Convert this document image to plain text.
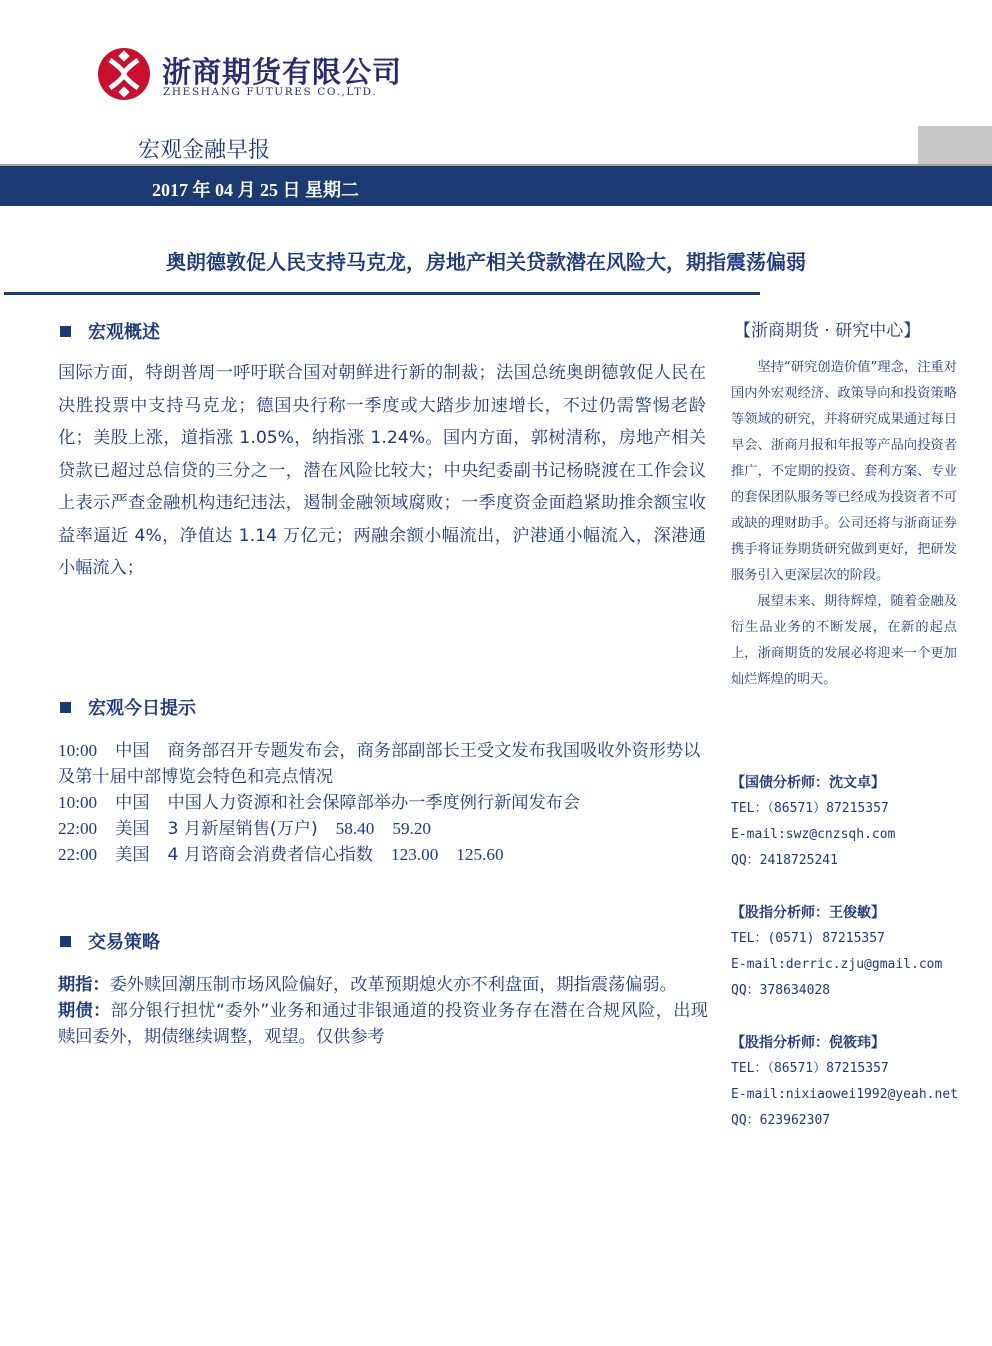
浙商期货有限公司
ZHESHANG FUTURES CO.,LTD.
宏观金融早报
2017 年 04 月 25 日 星期二
奥朗德敦促人民支持马克龙，房地产相关贷款潜在风险大，期指震荡偏弱
宏观概述
国际方面，特朗普周一呼吁联合国对朝鲜进行新的制裁；法国总统奥朗德敦促人民在决胜投票中支持马克龙；德国央行称一季度或大踏步加速增长，不过仍需警惕老龄化；美股上涨，道指涨 1.05%，纳指涨 1.24%。国内方面，郭树清称，房地产相关贷款已超过总信贷的三分之一，潜在风险比较大；中央纪委副书记杨晓渡在工作会议上表示严查金融机构违纪违法，遏制金融领域腐败；一季度资金面趋紧助推余额宝收益率逼近 4%，净值达 1.14 万亿元；两融余额小幅流出，沪港通小幅流入，深港通小幅流入；
宏观今日提示
10:00 中国 商务部召开专题发布会，商务部副部长王受文发布我国吸收外资形势以及第十届中部博览会特色和亮点情况
10:00 中国 中国人力资源和社会保障部举办一季度例行新闻发布会
22:00 美国 3 月新屋销售(万户) 58.40 59.20
22:00 美国 4 月谘商会消费者信心指数 123.00 125.60
交易策略
期指：委外赎回潮压制市场风险偏好，改革预期熄火亦不利盘面，期指震荡偏弱。
期债：部分银行担忧“委外”业务和通过非银通道的投资业务存在潜在合规风险，出现赎回委外，期债继续调整，观望。仅供参考
【浙商期货 · 研究中心】

坚持“研究创造价值”理念，注重对国内外宏观经济、政策导向和投资策略等领域的研究，并将研究成果通过每日早会、浙商月报和年报等产品向投资者推广，不定期的投资、套利方案、专业的套保团队服务等已经成为投资者不可或缺的理财助手。公司还将与浙商证券携手将证券期货研究做到更好，把研发服务引入更深层次的阶段。

展望未来、期待辉煌，随着金融及衍生品业务的不断发展，在新的起点上，浙商期货的发展必将迎来一个更加灿烂辉煌的明天。

【国债分析师：沈文卓】
TEL：（86571）87215357
E-mail:swz@cnzsqh.com
QQ：2418725241
【股指分析师：王俊敏】
TEL：(0571) 87215357
E-mail:derric.zju@gmail.com
QQ：378634028
【股指分析师：倪筱玮】
TEL：（86571）87215357
E-mail:nixiaowei1992@yeah.net
QQ：623962307
